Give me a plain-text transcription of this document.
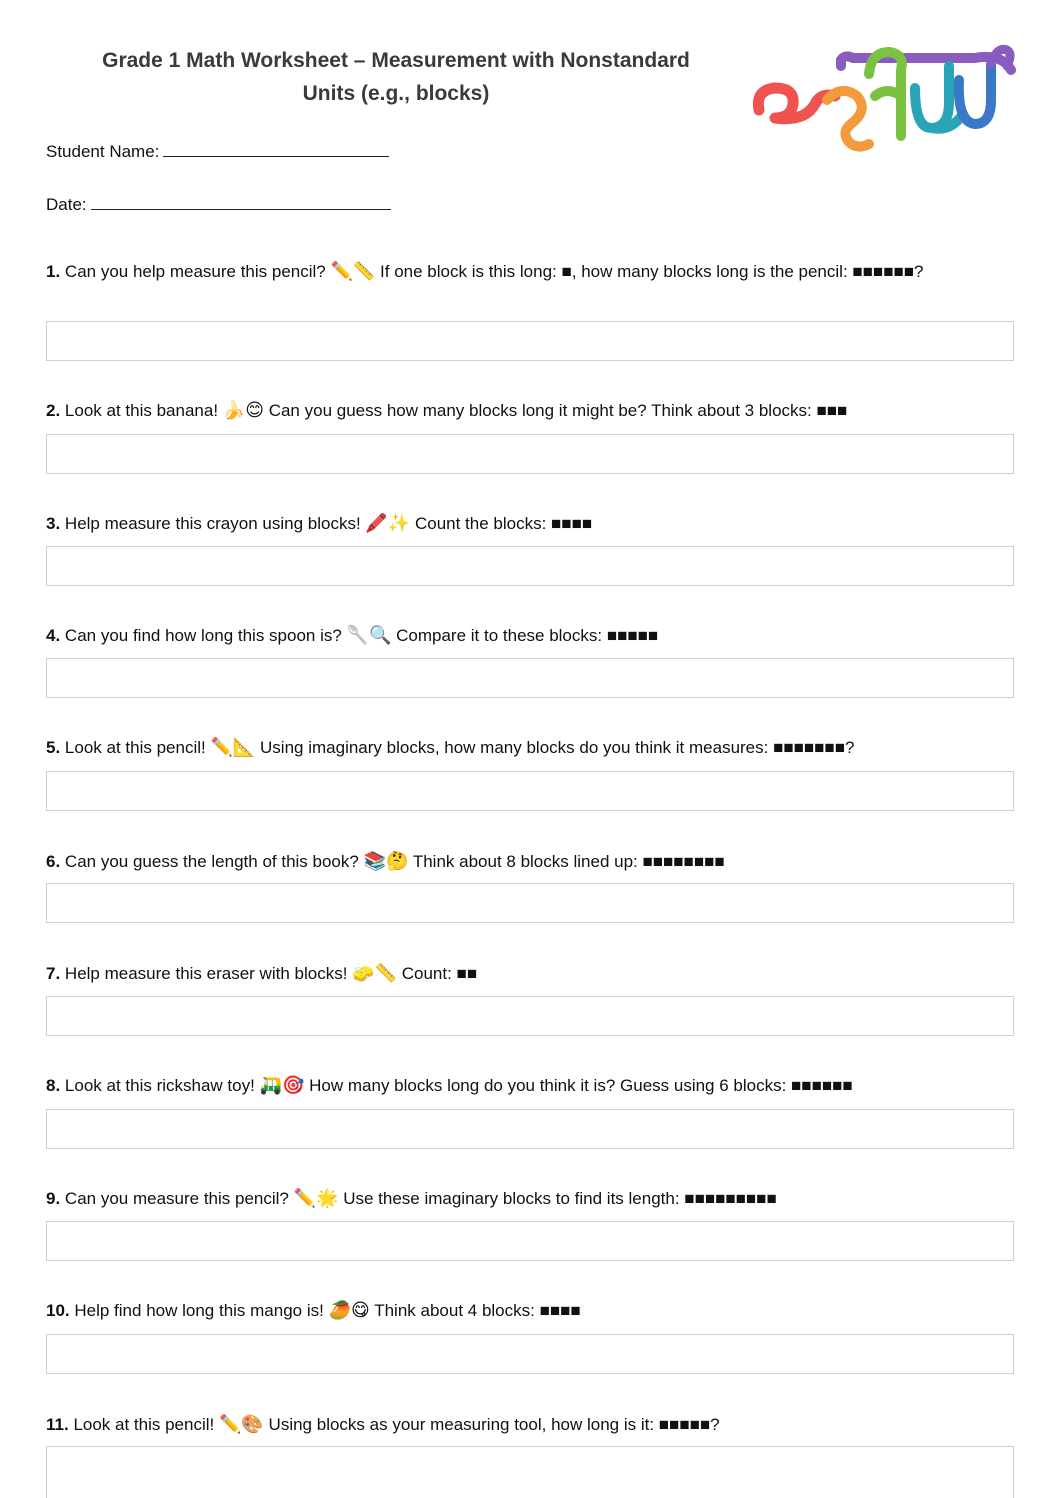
Grade 1 Math Worksheet – Measurement with Nonstandard
Units (e.g., blocks)
Student Name:
Date:
1. Can you help measure this pencil? ✏️📏 If one block is this long: ■, how many blocks long is the pencil: ■■■■■■?
2. Look at this banana! 🍌😊 Can you guess how many blocks long it might be? Think about 3 blocks: ■■■
3. Help measure this crayon using blocks! 🖍️✨ Count the blocks: ■■■■
4. Can you find how long this spoon is? 🥄🔍 Compare it to these blocks: ■■■■■
5. Look at this pencil! ✏️📐 Using imaginary blocks, how many blocks do you think it measures: ■■■■■■■?
6. Can you guess the length of this book? 📚🤔 Think about 8 blocks lined up: ■■■■■■■■
7. Help measure this eraser with blocks! 🧽📏 Count: ■■
8. Look at this rickshaw toy! 🛺🎯 How many blocks long do you think it is? Guess using 6 blocks: ■■■■■■
9. Can you measure this pencil? ✏️🌟 Use these imaginary blocks to find its length: ■■■■■■■■■
10. Help find how long this mango is! 🥭😋 Think about 4 blocks: ■■■■
11. Look at this pencil! ✏️🎨 Using blocks as your measuring tool, how long is it: ■■■■■?
